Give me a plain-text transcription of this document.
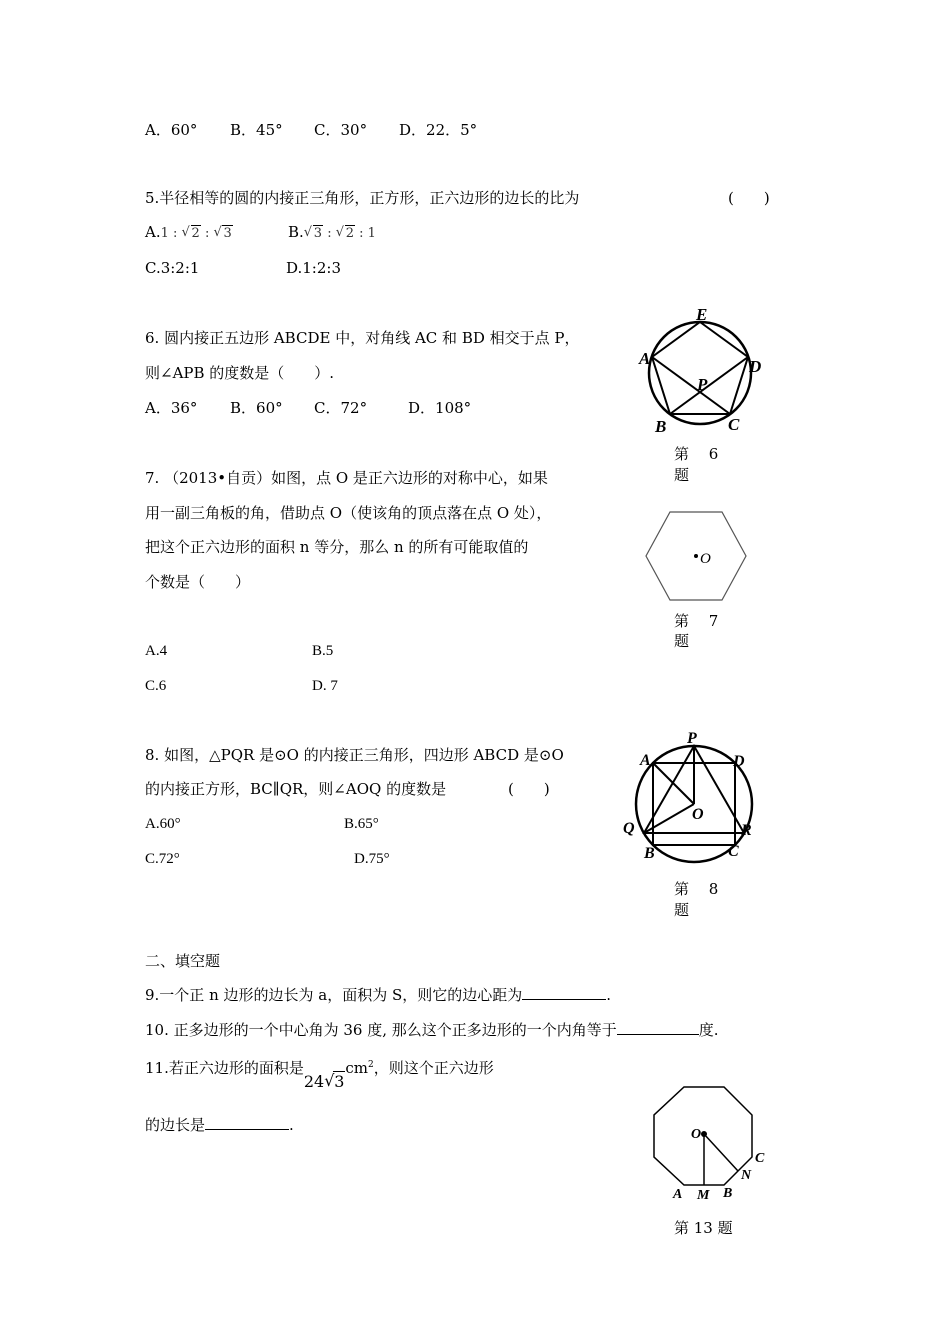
A．60° B．45° C．30° D．22．5°
5.半径相等的圆的内接正三角形，正方形，正六边形的边长的比为	(　　)
A.1 : √ 2 : √ 3	B. √ 3 : √ 2 : 1
C.3:2:1	D.1:2:3
6. 圆内接正五边形 ABCDE 中，对角线 AC 和 BD 相交于点 P，
则∠APB 的度数是（　　）.
A．36° B．60° C．72°	D．108°
E
A	D
P
B	C
第　 6
题
7. （2013•自贡）如图，点 O 是正六边形的对称中心，如果
用一副三角板的角，借助点 O（使该角的顶点落在点 O 处），
把这个正六边形的面积 n 等分，那么 n 的所有可能取值的
个数是（　　）
A.4	B.5
C.6	D. 7
O
第　 7
题
8. 如图，△PQR 是⊙O 的内接正三角形，四边形 ABCD 是⊙O
的内接正方形，BC∥QR，则∠AOQ 的度数是	(　　)
A.60°	B.65°
C.72°	D.75°
P
A	D
O
Q	R
B	C
第　 8
题
二、填空题
9.一个正 n 边形的边长为 a，面积为 S，则它的边心距为	.
10. 正多边形的一个中心角为 36 度, 那么这个正多边形的一个内角等于	度.
11.若正六边形的面积是24 √ $3cm^2$，则这个正六边形
的边长是	.
O
C
N
A M B
第 13 题
